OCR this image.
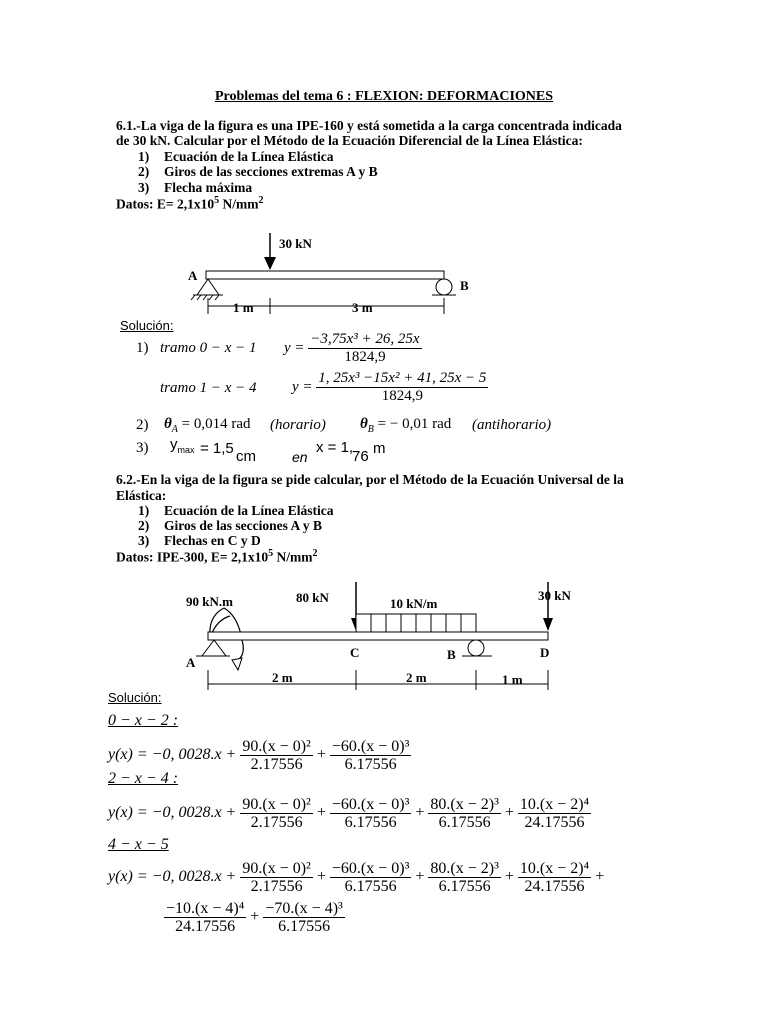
Problemas del tema 6 : FLEXION: DEFORMACIONES
6.1.-La viga de la figura es una IPE-160 y está sometida a la carga concentrada indicada
de 30 kN. Calcular por el Método de la Ecuación Diferencial de la Línea Elástica:
1) Ecuación de la Línea Elástica
2) Giros de las secciones extremas A y B
3) Flecha máxima
Datos: $E= 2,1x10^5$ $N/mm^2$
30 kN
A
B
1 m	3 m
Solución:
1) tramo 0 − x − 1 $y = \frac{\text{−3,75x³ + 26, 25x}}{1824,9}$
tramo 1 − x − 4 $y = \frac{\text{1, 25x³ −15x² + 41, 25x − 5}}{1824,9}$
2) $\theta_A = 0,014$ rad (horario) $\theta_B$ = − 0,01 rad (antihorario)
3) $y_{max} = 1,5$ cm	en
x = 1,
76 m
6.2.-En la viga de la figura se pide calcular, por el Método de la Ecuación Universal de la
Elástica:
1) Ecuación de la Línea Elástica
2) Giros de las secciones A y B
3) Flechas en C y D
Datos: IPE-300, $E= 2,1x10^5$ $N/mm^2$
90 kN.m	80 kN	10 kN/m
30 kN
A
C	B	D
2 m	2 m	1 m
Solución:
0 − x − 2 :
y(x) = −0, $0028.x + \frac{\text{90.(x − 0)²}}{2.17556} + \frac{\text{−60.(x − 0)³}}{6.17556}$
2 − x − 4 :
y(x) = −0, $0028.x + \frac{\text{90.(x − 0)²}}{2.17556} + \frac{\text{−60.(x − 0)³}}{6.17556} + \frac{\text{80.(x − 2)³}}{6.17556} + \frac{\text{10.(x − 2)⁴}}{24.17556}$
4 − x − 5
y(x) = −0, $0028.x + \frac{\text{90.(x − 0)²}}{2.17556} + \frac{\text{−60.(x − 0)³}}{6.17556} + \frac{\text{80.(x − 2)³}}{6.17556} + \frac{\text{10.(x − 2)⁴}}{24.17556}$ +
$\frac{\text{−10.(x − 4)⁴}}{24.17556} + \frac{\text{−70.(x − 4)³}}{6.17556}$
